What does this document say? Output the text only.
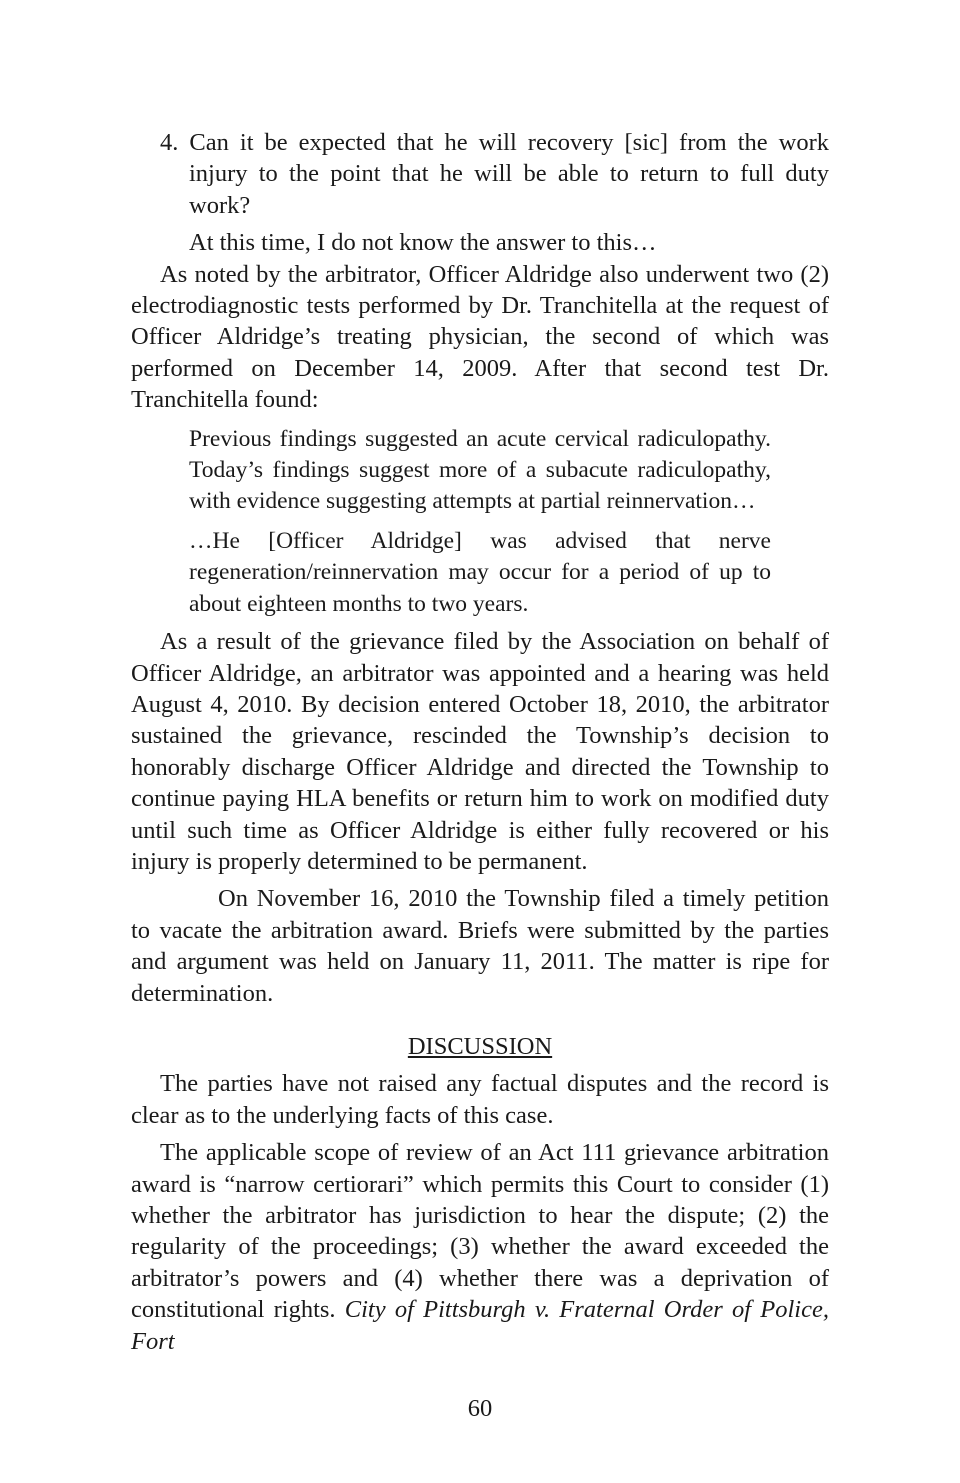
4. Can it be expected that he will recovery [sic] from the work injury to the point that he will be able to return to full duty work?

At this time, I do not know the answer to this…

As noted by the arbitrator, Officer Aldridge also underwent two (2) electrodiagnostic tests performed by Dr. Tranchitella at the request of Officer Aldridge’s treating physician, the second of which was performed on December 14, 2009. After that second test Dr. Tranchitella found:

Previous findings suggested an acute cervical radiculopathy. Today’s findings suggest more of a subacute radiculopathy, with evidence suggesting attempts at partial reinnervation…

…He [Officer Aldridge] was advised that nerve regeneration/reinnervation may occur for a period of up to about eighteen months to two years.

As a result of the grievance filed by the Association on behalf of Officer Aldridge, an arbitrator was appointed and a hearing was held August 4, 2010. By decision entered October 18, 2010, the arbitrator sustained the grievance, rescinded the Township’s decision to honorably discharge Officer Aldridge and directed the Township to continue paying HLA benefits or return him to work on modified duty until such time as Officer Aldridge is either fully recovered or his injury is properly determined to be permanent.

On November 16, 2010 the Township filed a timely petition to vacate the arbitration award. Briefs were submitted by the parties and argument was held on January 11, 2011. The matter is ripe for determination.

DISCUSSION

The parties have not raised any factual disputes and the record is clear as to the underlying facts of this case.

The applicable scope of review of an Act 111 grievance arbitration award is “narrow certiorari” which permits this Court to consider (1) whether the arbitrator has jurisdiction to hear the dispute; (2) the regularity of the proceedings; (3) whether the award exceeded the arbitrator’s powers and (4) whether there was a deprivation of constitutional rights. City of Pittsburgh v. Fraternal Order of Police, Fort

60
